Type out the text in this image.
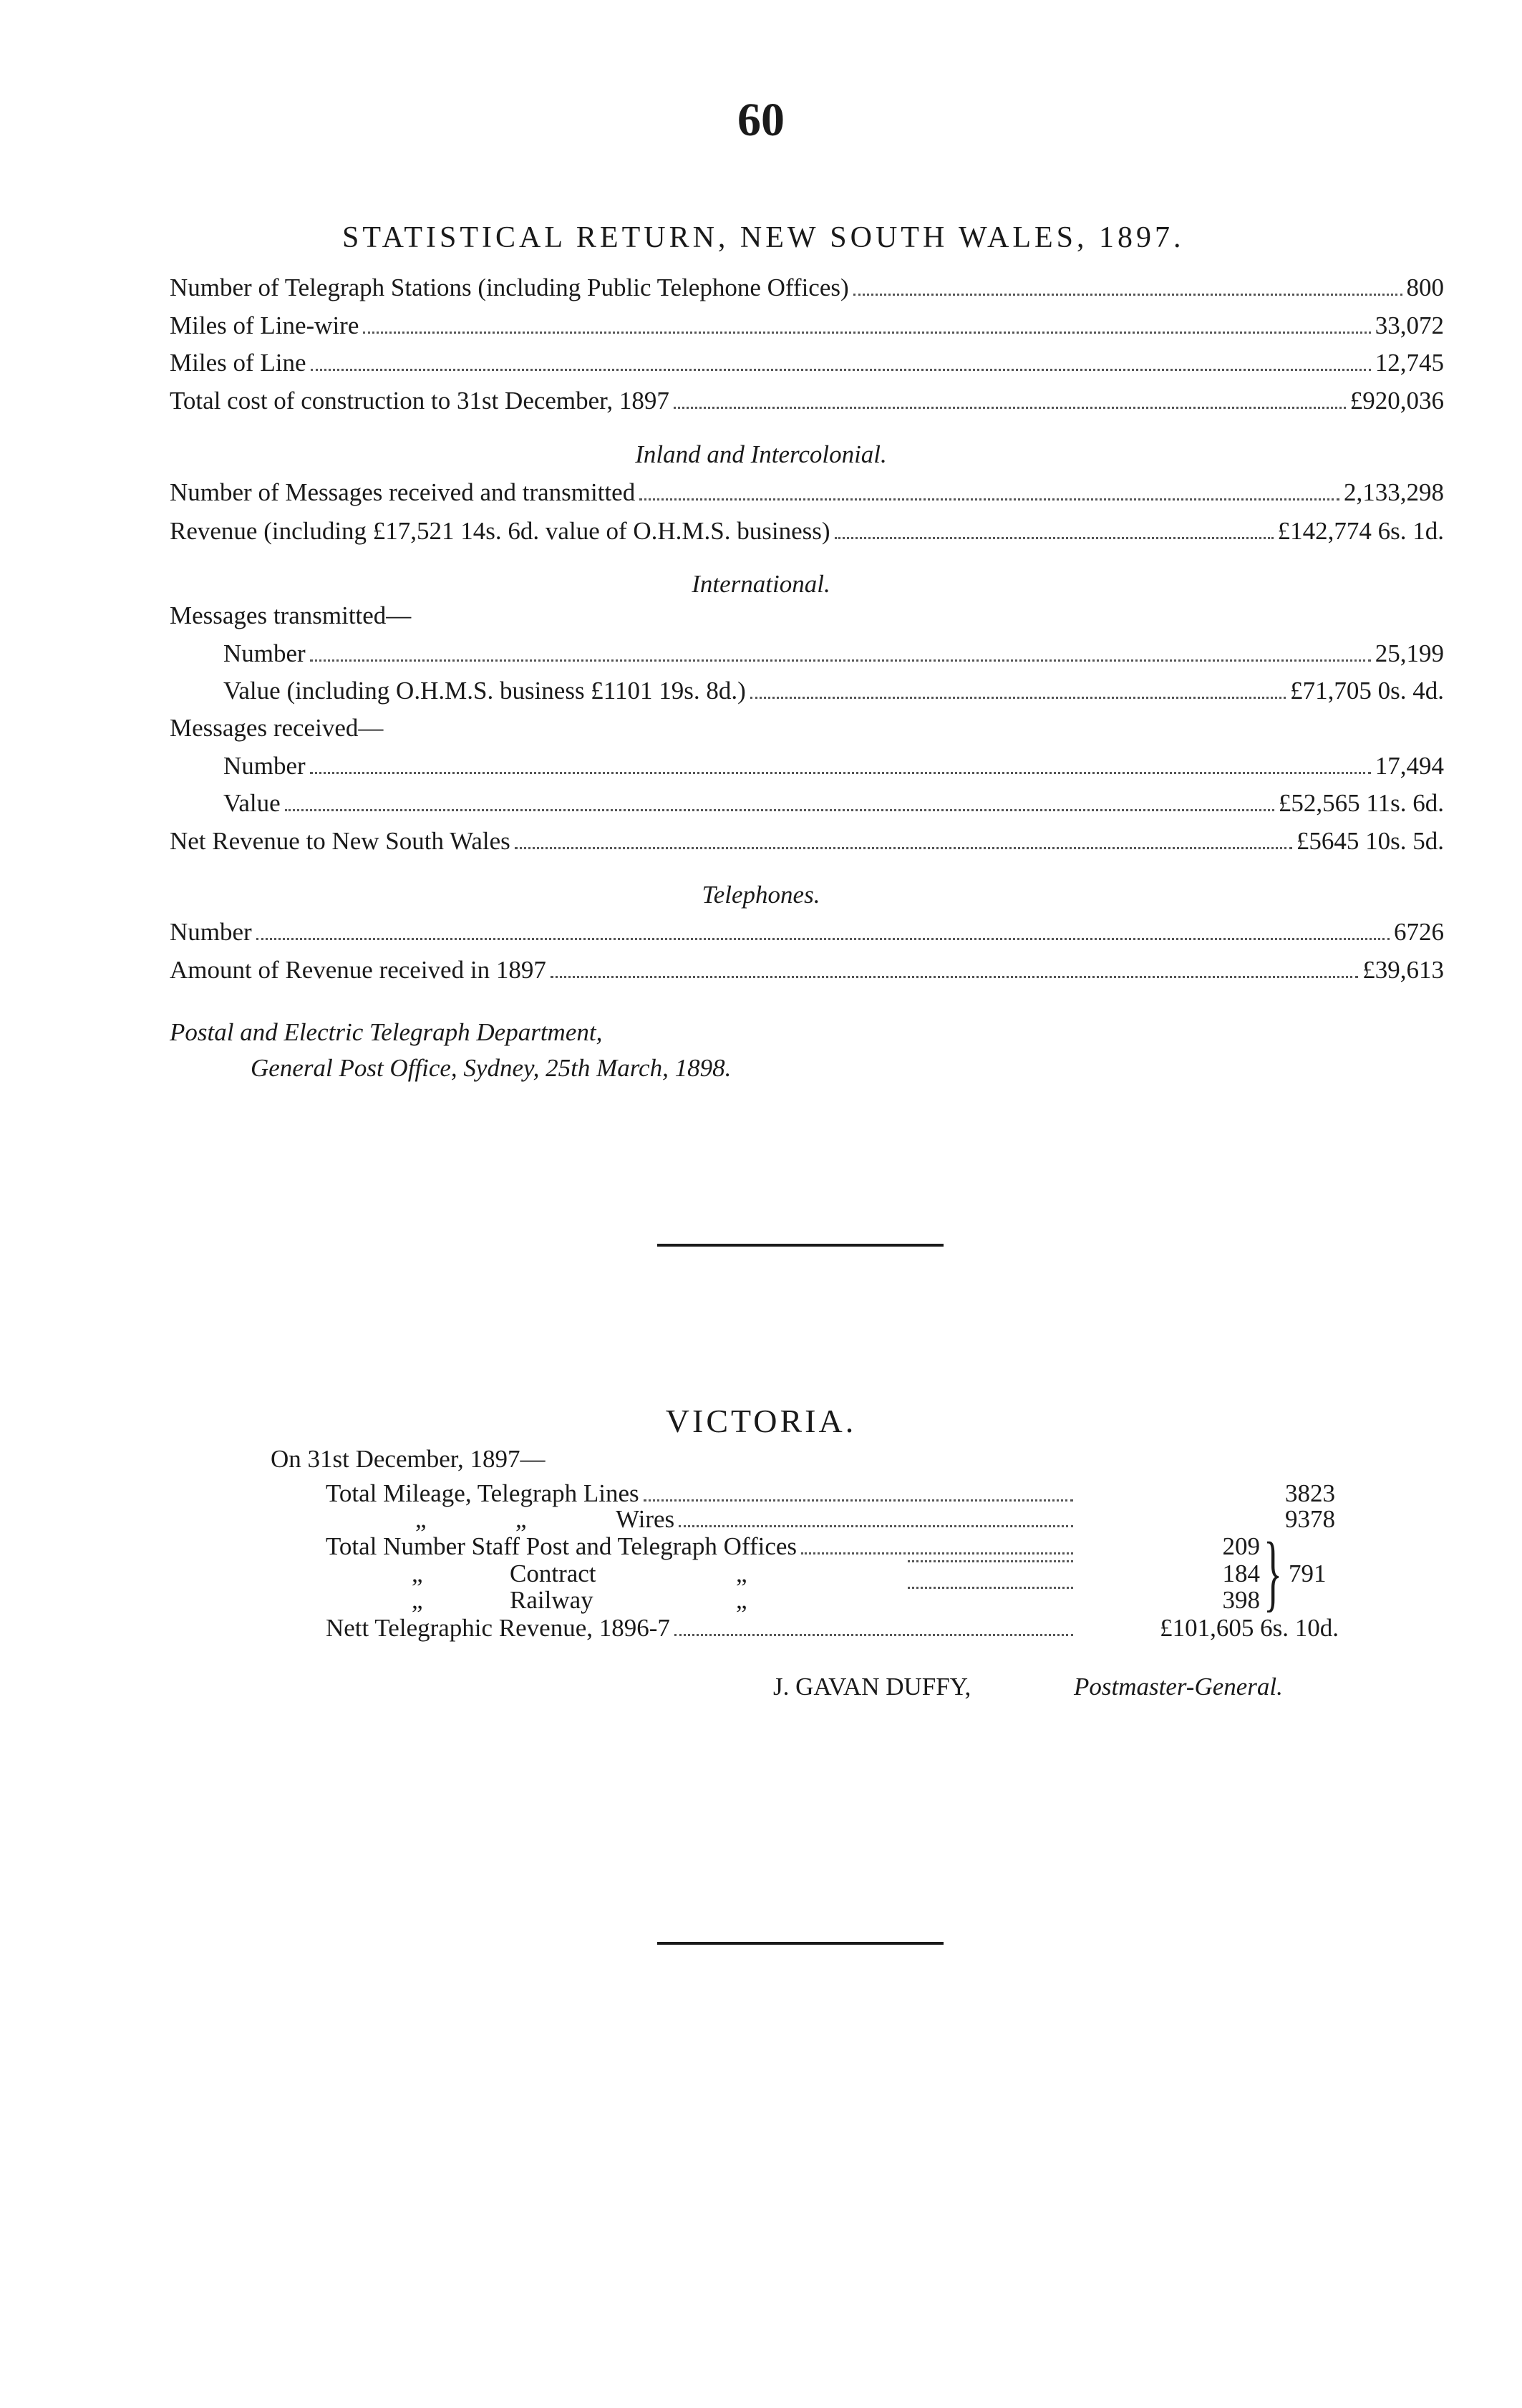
60
STATISTICAL RETURN, NEW SOUTH WALES, 1897.
Number of Telegraph Stations (including Public Telephone Offices)	800
Miles of Line-wire	33,072
Miles of Line	12,745
Total cost of construction to 31st December, 1897	£920,036
Inland and Intercolonial.
Number of Messages received and transmitted	2,133,298
Revenue (including £17,521 14s. 6d. value of O.H.M.S. business)	£142,774 6s. 1d.
International.
Messages transmitted—
Number	25,199
Value (including O.H.M.S. business £1101 19s. 8d.)	£71,705 0s. 4d.
Messages received—
Number	17,494
Value	£52,565 11s. 6d.
Net Revenue to New South Wales	£5645 10s. 5d.
Telephones.
Number	6726
Amount of Revenue received in 1897	£39,613
Postal and Electric Telegraph Department,
General Post Office, Sydney, 25th March, 1898.
VICTORIA.
On 31st December, 1897—
Total Mileage, Telegraph Lines	3823
„	„	Wires	9378
Total Number Staff Post and Telegraph Offices	209
„	Contract	„	184
„	Railway	„	398 } 791
Nett Telegraphic Revenue, 1896-7	£101,605 6s. 10d.
J. GAVAN DUFFY,	Postmaster-General.
